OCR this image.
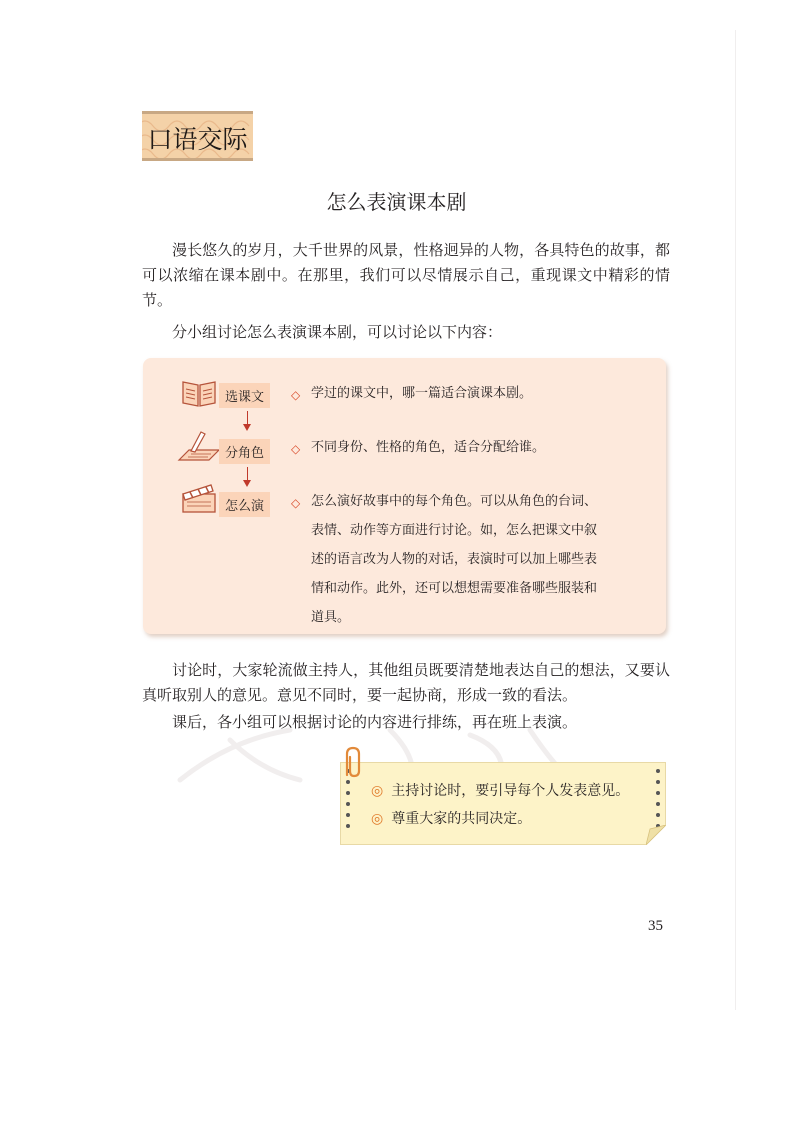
口语交际
怎么表演课本剧

漫长悠久的岁月，大千世界的风景，性格迥异的人物，各具特色的故事，都可以浓缩在课本剧中。在那里，我们可以尽情展示自己，重现课文中精彩的情节。

分小组讨论怎么表演课本剧，可以讨论以下内容：

选课文	◇ 学过的课文中，哪一篇适合演课本剧。

分角色	◇ 不同身份、性格的角色，适合分配给谁。

怎么演	◇ 怎么演好故事中的每个角色。可以从角色的台词、

表情、动作等方面进行讨论。如，怎么把课文中叙

述的语言改为人物的对话，表演时可以加上哪些表

情和动作。此外，还可以想想需要准备哪些服装和

道具。

讨论时，大家轮流做主持人，其他组员既要清楚地表达自己的想法，又要认真听取别人的意见。意见不同时，要一起协商，形成一致的看法。

课后，各小组可以根据讨论的内容进行排练，再在班上表演。

◎ 主持讨论时，要引导每个人发表意见。
◎ 尊重大家的共同决定。
35
